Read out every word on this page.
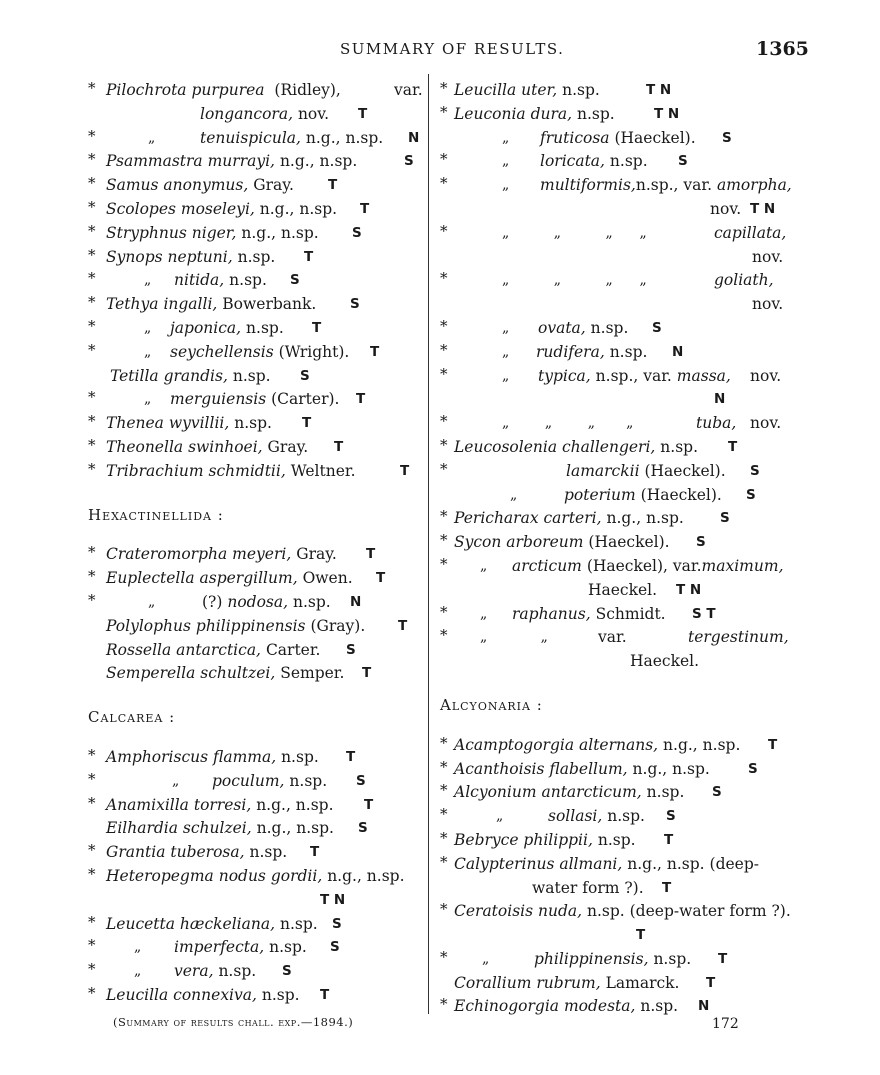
SUMMARY OF RESULTS.	1365
* Pilochrota purpurea (Ridley),	var.
longancora, nov. T
*	„	tenuispicula, n.g., n.sp. N
* Psammastra murrayi, n.g., n.sp.	S
* Samus anonymus, Gray.	T
* Scolopes moseleyi, n.g., n.sp. T
* Stryphnus niger, n.g., n.sp. S
* Synops neptuni, n.sp. T
*	„ nitida, n.sp. S
* Tethya ingalli, Bowerbank. S
*	„ japonica, n.sp. T
*	„ seychellensis (Wright). T
Tetilla grandis, n.sp. S
*	„ merguiensis (Carter). T
* Thenea wyvillii, n.sp. T
* Theonella swinhoei, Gray. T
* Tribrachium schmidtii, Weltner.	T
Hexactinellida :
* Crateromorpha meyeri, Gray. T
* Euplectella aspergillum, Owen. T
*	„	(?) nodosa, n.sp. N
Polylophus philippinensis (Gray). T
Rossella antarctica, Carter. S
Semperella schultzei, Semper. T
Calcarea :
* Amphoriscus flamma, n.sp. T
*	„ poculum, n.sp. S
* Anamixilla torresi, n.g., n.sp. T
Eilhardia schulzei, n.g., n.sp. S
* Grantia tuberosa, n.sp. T
* Heteropegma nodus gordii, n.g., n.sp.
T N
* Leucetta hæckeliana, n.sp. S
*	„ imperfecta, n.sp. S
*	„ vera, n.sp. S
* Leucilla connexiva, n.sp. T
* Leucilla uter, n.sp.	T N
* Leuconia dura, n.sp.	T N
„ fruticosa (Haeckel). S
*	„ loricata, n.sp. S
*	„ multiformis,n.sp., var. amorpha,
nov. T N
*	„          „          „      „	capillata,
nov.
*	„          „          „      „	goliath,
nov.
*	„ ovata, n.sp. S
*	„ rudifera, n.sp. N
*	„ typica, n.sp., var. massa, nov.
N
*	„        „        „       „	tuba, nov.
* Leucosolenia challengeri, n.sp. T
*	lamarckii (Haeckel). S
„	poterium (Haeckel). S
* Pericharax carteri, n.g., n.sp.	S
* Sycon arboreum (Haeckel). S
* „ arcticum (Haeckel), var.maximum,
Haeckel. T N
* „ raphanus, Schmidt. S T
* „            „	var.	tergestinum,
Haeckel.
Alcyonaria :
* Acamptogorgia alternans, n.g., n.sp. T
* Acanthoisis flabellum, n.g., n.sp.	S
* Alcyonium antarcticum, n.sp. S
*	„	sollasi, n.sp. S
* Bebryce philippii, n.sp. T
* Calypterinus allmani, n.g., n.sp. (deep-
water form ?). T
* Ceratoisis nuda, n.sp. (deep-water form ?).
T
* „	philippinensis, n.sp. T
Corallium rubrum, Lamarck. T
* Echinogorgia modesta, n.sp. N
(Summary of results chall. exp.—1894.)	172
